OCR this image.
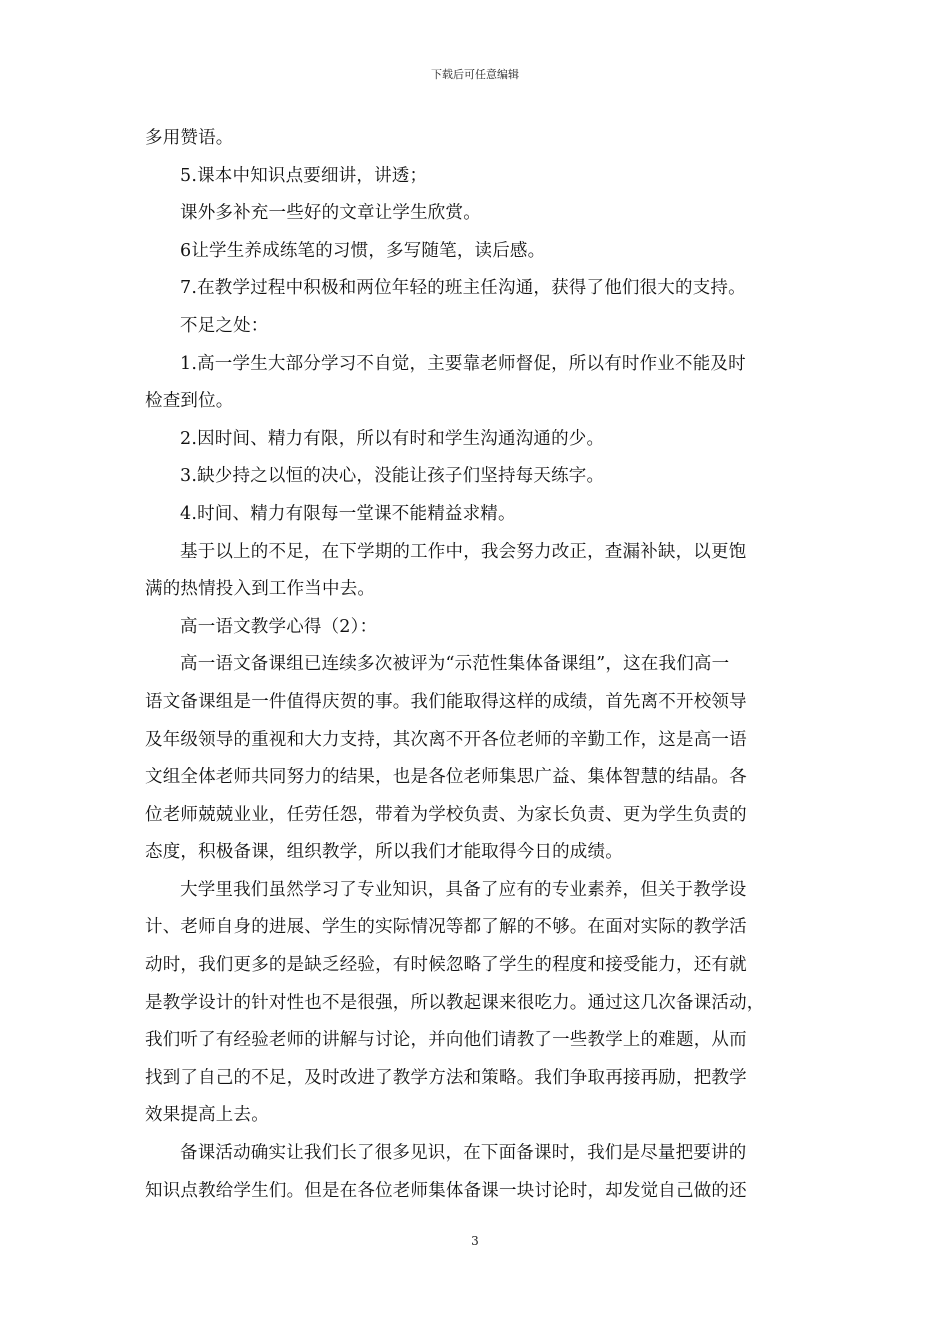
下载后可任意编辑
多用赞语。
5.课本中知识点要细讲，讲透；
课外多补充一些好的文章让学生欣赏。
6让学生养成练笔的习惯，多写随笔，读后感。
7.在教学过程中积极和两位年轻的班主任沟通，获得了他们很大的支持。
不足之处：
1.高一学生大部分学习不自觉，主要靠老师督促，所以有时作业不能及时
检查到位。
2.因时间、精力有限，所以有时和学生沟通沟通的少。
3.缺少持之以恒的决心，没能让孩子们坚持每天练字。
4.时间、精力有限每一堂课不能精益求精。
基于以上的不足，在下学期的工作中，我会努力改正，查漏补缺，以更饱
满的热情投入到工作当中去。
高一语文教学心得（2）：
高一语文备课组已连续多次被评为“示范性集体备课组”，这在我们高一
语文备课组是一件值得庆贺的事。我们能取得这样的成绩，首先离不开校领导
及年级领导的重视和大力支持，其次离不开各位老师的辛勤工作，这是高一语
文组全体老师共同努力的结果，也是各位老师集思广益、集体智慧的结晶。各
位老师兢兢业业，任劳任怨，带着为学校负责、为家长负责、更为学生负责的
态度，积极备课，组织教学，所以我们才能取得今日的成绩。
大学里我们虽然学习了专业知识，具备了应有的专业素养，但关于教学设
计、老师自身的进展、学生的实际情况等都了解的不够。在面对实际的教学活
动时，我们更多的是缺乏经验，有时候忽略了学生的程度和接受能力，还有就
是教学设计的针对性也不是很强，所以教起课来很吃力。通过这几次备课活动，
我们听了有经验老师的讲解与讨论，并向他们请教了一些教学上的难题，从而
找到了自己的不足，及时改进了教学方法和策略。我们争取再接再励，把教学
效果提高上去。
备课活动确实让我们长了很多见识，在下面备课时，我们是尽量把要讲的
知识点教给学生们。但是在各位老师集体备课一块讨论时，却发觉自己做的还
3
